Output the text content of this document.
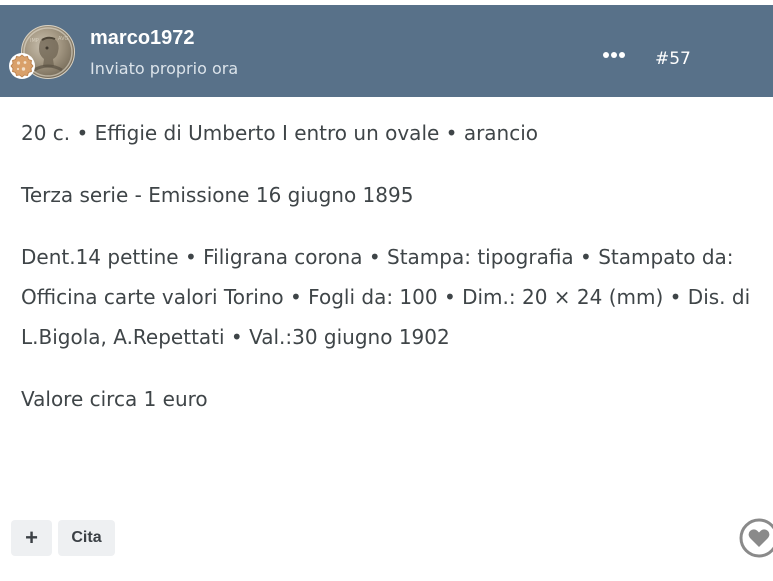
IMP	AVG marco1972
Inviato proprio ora	#57

20 c. • Effigie di Umberto I entro un ovale • arancio

Terza serie - Emissione 16 giugno 1895

Dent.14 pettine • Filigrana corona • Stampa: tipografia • Stampato da: Officina carte valori Torino • Fogli da: 100 • Dim.: 20 × 24 (mm) • Dis. di L.Bigola, A.Repettati • Val.:30 giugno 1902

Valore circa 1 euro

+	Cita
